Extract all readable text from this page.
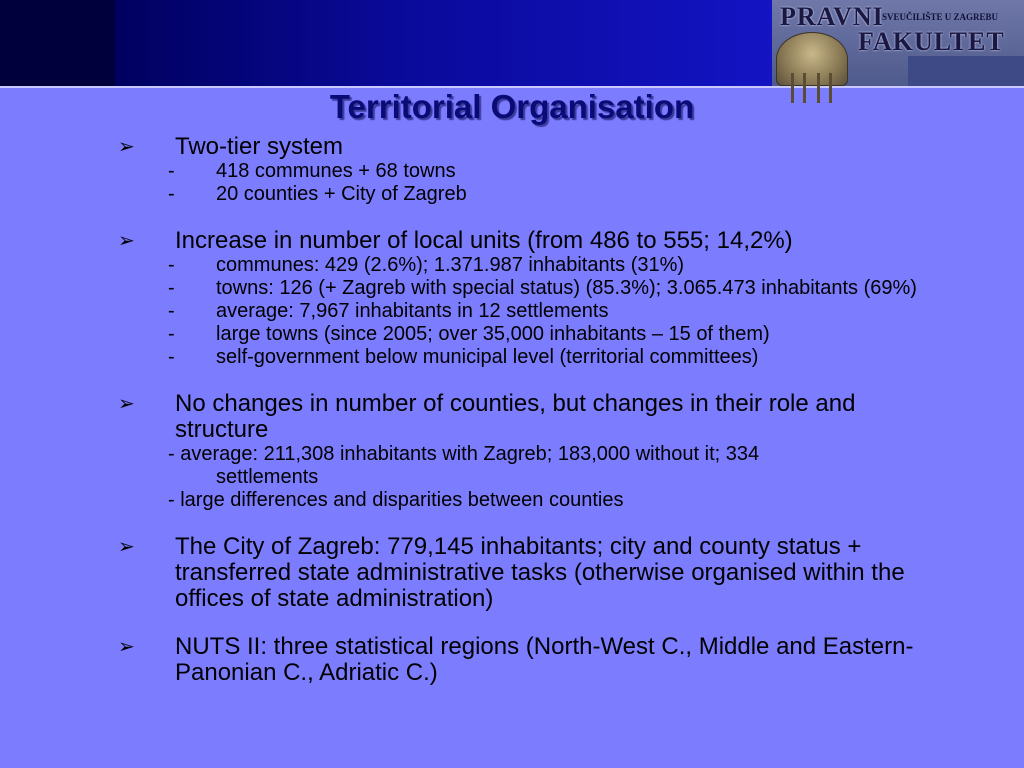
PRAVNI
SVEUČILIŠTE U ZAGREBU
FAKULTET
Territorial Organisation
➢ Two-tier system
- 418 communes + 68 towns
- 20 counties + City of Zagreb
➢ Increase in number of local units (from 486 to 555; 14,2%)
- communes: 429 (2.6%); 1.371.987 inhabitants (31%)
- towns: 126 (+ Zagreb with special status) (85.3%); 3.065.473 inhabitants (69%)
- average: 7,967 inhabitants in 12 settlements
- large towns (since 2005; over 35,000 inhabitants – 15 of them)
- self-government below municipal level (territorial committees)
➢ No changes in number of counties, but changes in their role and structure
- average: 211,308 inhabitants with Zagreb; 183,000 without it; 334
settlements
- large differences and disparities between counties
➢ The City of Zagreb: 779,145 inhabitants; city and county status + transferred state administrative tasks (otherwise organised within the offices of state administration)
➢ NUTS II: three statistical regions (North-West C., Middle and Eastern-Panonian C., Adriatic C.)
